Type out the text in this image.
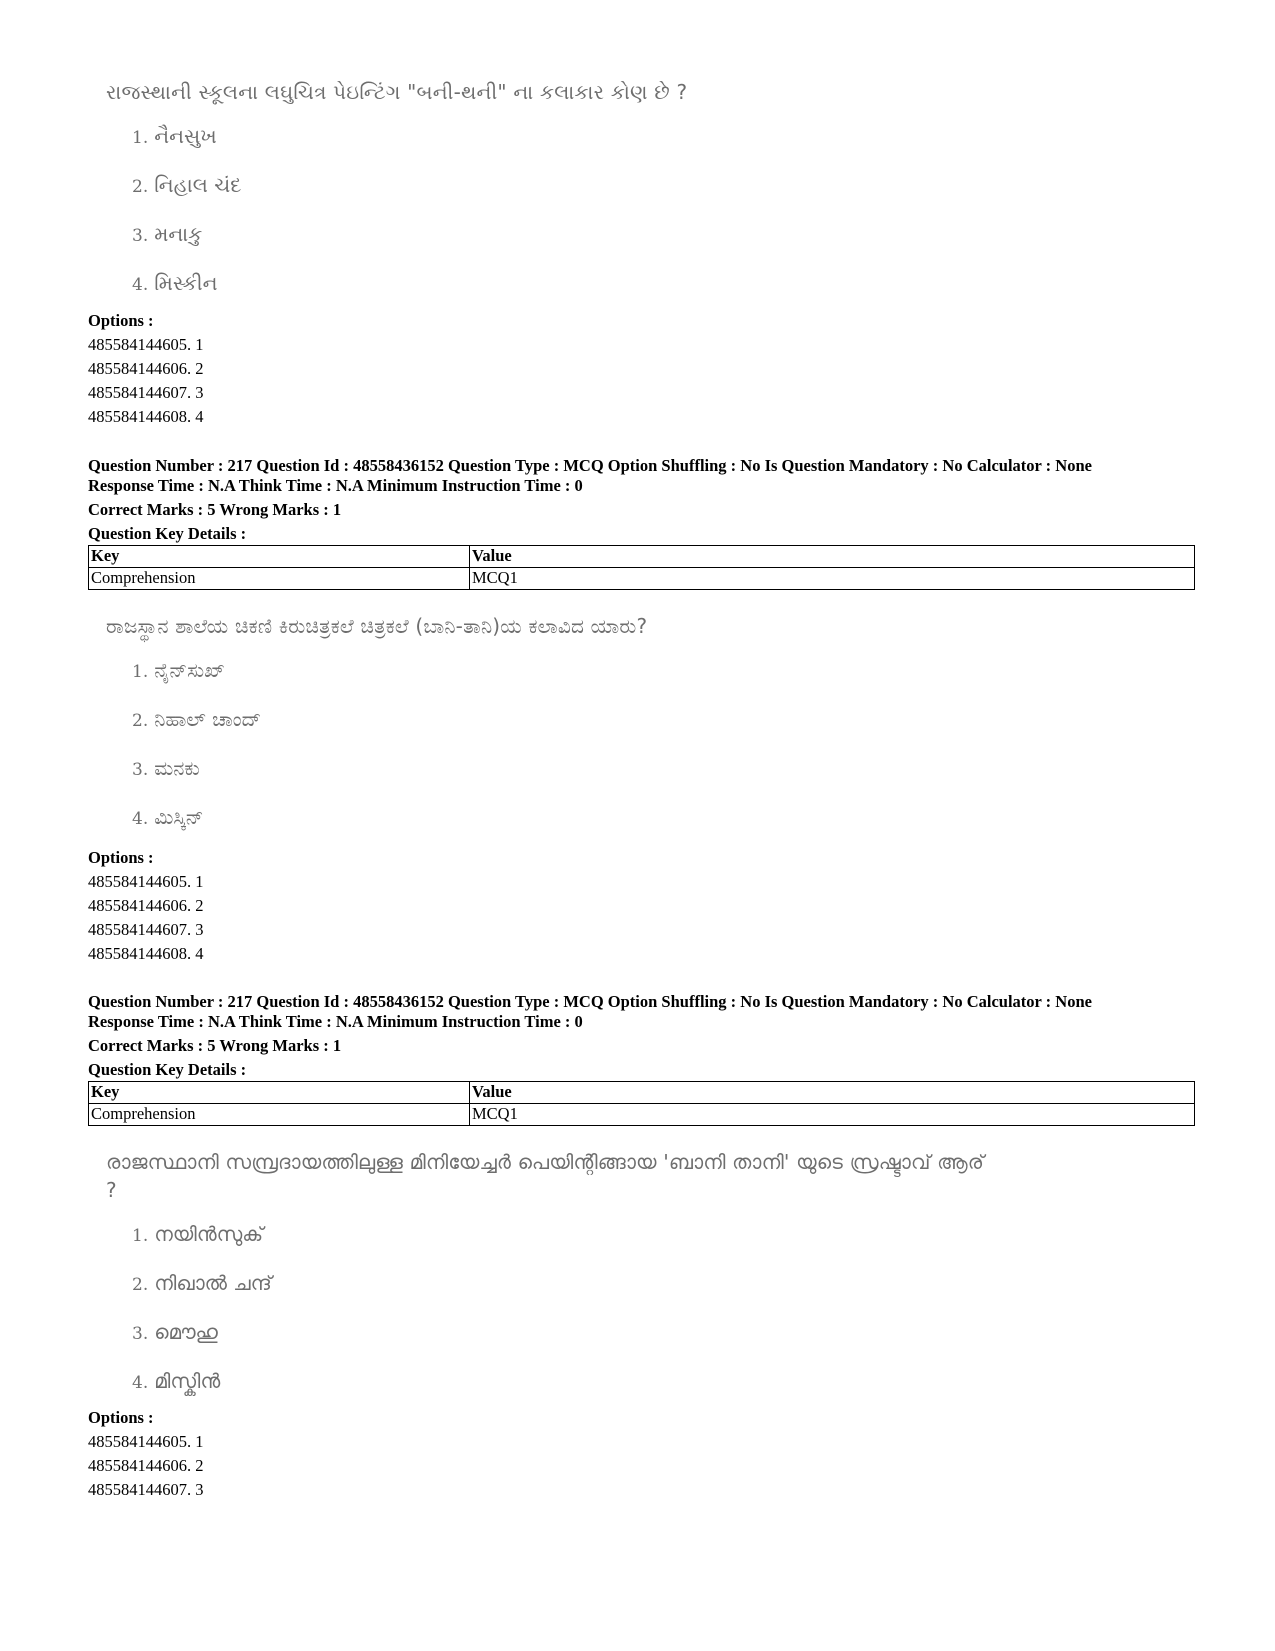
રાજસ્થાની સ્કૂલના લઘુચિત્ર પેઇન્ટિંગ "બની-થની" ના કલાકાર કોણ છે ?
1. નૈનસુખ
2. નિહાલ ચંદ
3. મનાકુ
4. મિસ્કીન
Options :
485584144605. 1
485584144606. 2
485584144607. 3
485584144608. 4
Question Number : 217 Question Id : 48558436152 Question Type : MCQ Option Shuffling : No Is Question Mandatory : No Calculator : None
Response Time : N.A Think Time : N.A Minimum Instruction Time : 0
Correct Marks : 5 Wrong Marks : 1
Question Key Details :
Key	Value
Comprehension	MCQ1
ರಾಜಸ್ಥಾನ ಶಾಲೆಯ ಚಿಕಣಿ ಕಿರುಚಿತ್ರಕಲೆ ಚಿತ್ರಕಲೆ (ಬಾನಿ-ತಾನಿ)ಯ ಕಲಾವಿದ ಯಾರು?
1. ನೈನ್‌ಸುಖ್
2. ನಿಹಾಲ್ ಚಾಂದ್
3. ಮನಕು
4. ಮಿಸ್ಕಿನ್
Options :
485584144605. 1
485584144606. 2
485584144607. 3
485584144608. 4
Question Number : 217 Question Id : 48558436152 Question Type : MCQ Option Shuffling : No Is Question Mandatory : No Calculator : None
Response Time : N.A Think Time : N.A Minimum Instruction Time : 0
Correct Marks : 5 Wrong Marks : 1
Question Key Details :
Key	Value
Comprehension	MCQ1
രാജസ്ഥാനി സമ്പ്രദായത്തിലുള്ള മിനിയേച്ചർ പെയിന്റിങ്ങായ 'ബാനി താനി' യുടെ സ്രഷ്ടാവ് ആര് ?
1. നയിൻസുക്
2. നിഖാൽ ചന്ദ്
3. മൌഹു
4. മിസ്കിൻ
Options :
485584144605. 1
485584144606. 2
485584144607. 3
